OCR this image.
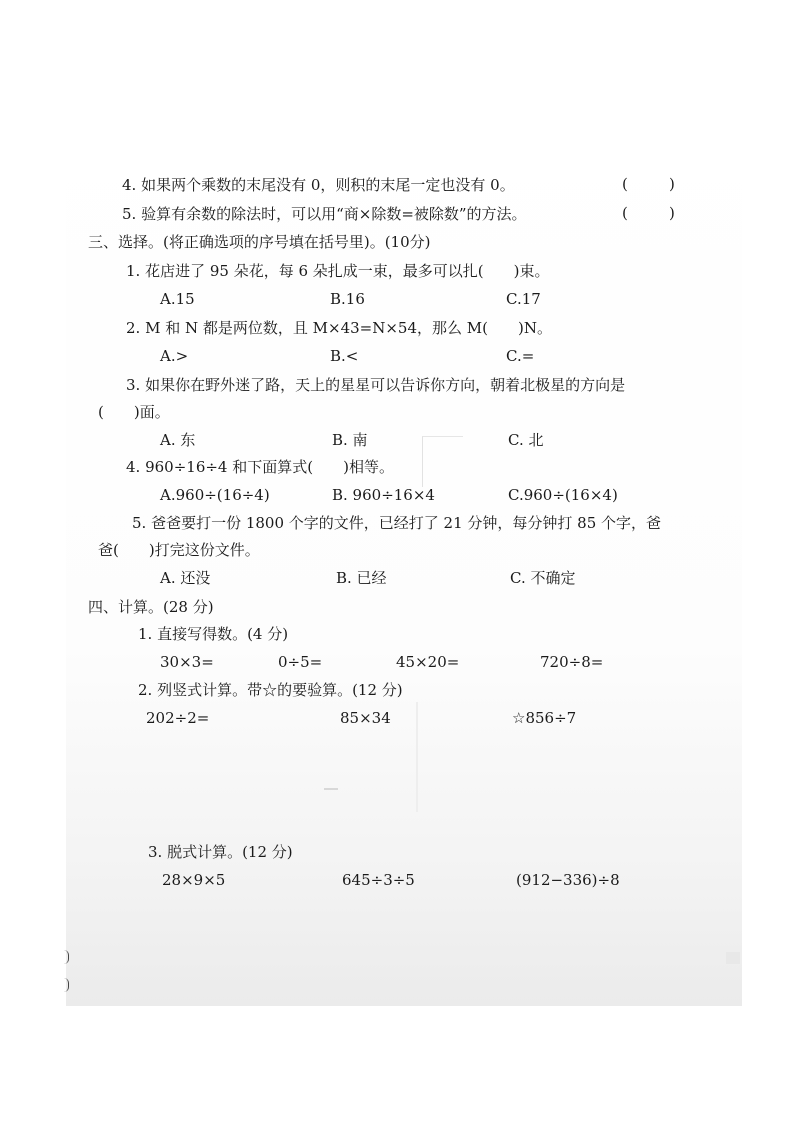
4. 如果两个乘数的末尾没有 0，则积的末尾一定也没有 0。	(	)
5. 验算有余数的除法时，可以用“商×除数=被除数”的方法。	(	)
三、选择。(将正确选项的序号填在括号里)。(10分)
1. 花店进了 95 朵花，每 6 朵扎成一束，最多可以扎(　　)束。
A.15	B.16	C.17
2. M 和 N 都是两位数，且 M×43=N×54，那么 M(　　)N。
A.>	B.<	C.=
3. 如果你在野外迷了路，天上的星星可以告诉你方向，朝着北极星的方向是
(　　)面。
A. 东	B. 南	C. 北
4. 960÷16÷4 和下面算式(　　)相等。
A.960÷(16÷4)	B. 960÷16×4	C.960÷(16×4)
5. 爸爸要打一份 1800 个字的文件，已经打了 21 分钟，每分钟打 85 个字，爸
爸(　　)打完这份文件。
A. 还没	B. 已经	C. 不确定
四、计算。(28 分)
1. 直接写得数。(4 分)
30×3=	0÷5=	45×20=	720÷8=
2. 列竖式计算。带☆的要验算。(12 分)
202÷2=	85×34	☆856÷7
3. 脱式计算。(12 分)
28×9×5	645÷3÷5	(912−336)÷8
